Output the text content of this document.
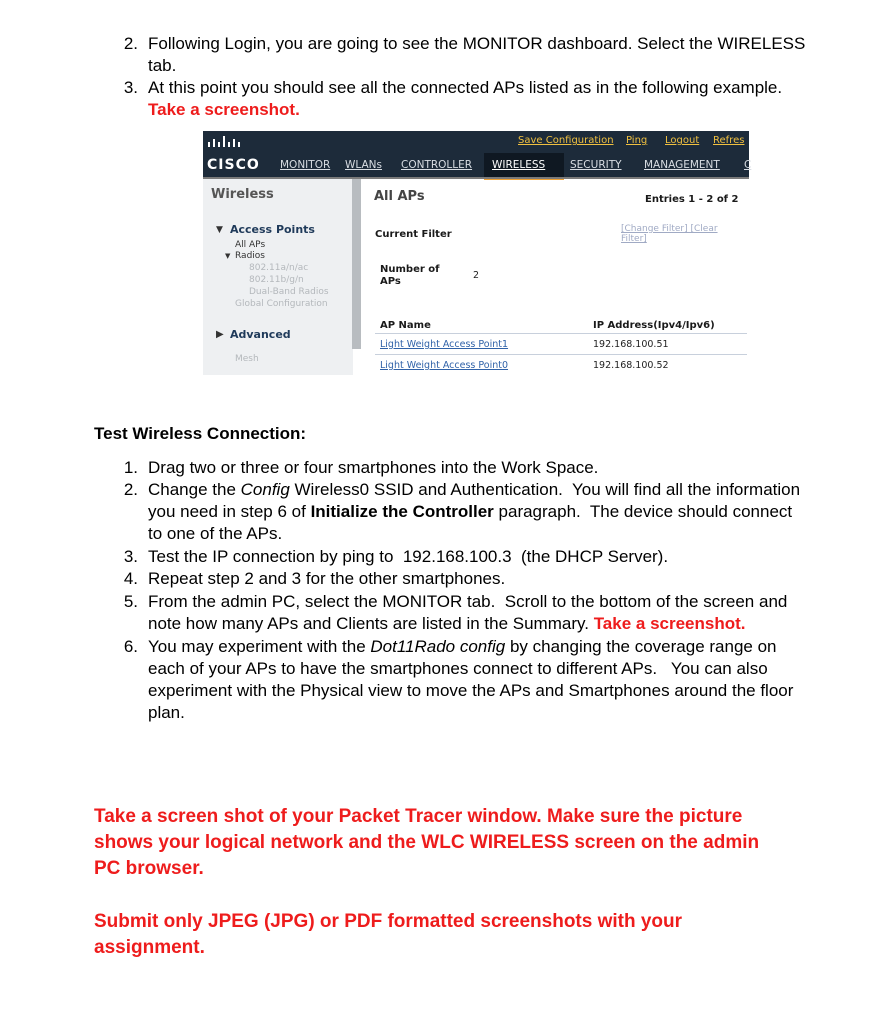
2. Following Login, you are going to see the MONITOR dashboard. Select the WIRELESS
tab.
3. At this point you should see all the connected APs listed as in the following example.
Take a screenshot.
CISCO
Save Configuration Ping Logout Refres
MONITOR WLANs CONTROLLER WIRELESS SECURITY MANAGEMENT C
Wireless
▼ Access Points
All APs
▼ Radios
802.11a/n/ac
802.11b/g/n
Dual-Band Radios
Global Configuration
▶ Advanced
Mesh
All APs	Entries 1 - 2 of 2
Current Filter	[Change Filter] [Clear
Filter]
Number of
APs
2
AP Name	IP Address(Ipv4/Ipv6)
Light Weight Access Point1	192.168.100.51
Light Weight Access Point0	192.168.100.52
Test Wireless Connection:
1. Drag two or three or four smartphones into the Work Space.
2. Change the Config Wireless0 SSID and Authentication.  You will find all the information
you need in step 6 of Initialize the Controller paragraph.  The device should connect
to one of the APs.
3. Test the IP connection by ping to  192.168.100.3  (the DHCP Server).
4. Repeat step 2 and 3 for the other smartphones.
5. From the admin PC, select the MONITOR tab.  Scroll to the bottom of the screen and
note how many APs and Clients are listed in the Summary. Take a screenshot.
6. You may experiment with the Dot11Rado config by changing the coverage range on
each of your APs to have the smartphones connect to different APs.   You can also
experiment with the Physical view to move the APs and Smartphones around the floor
plan.
Take a screen shot of your Packet Tracer window. Make sure the picture
shows your logical network and the WLC WIRELESS screen on the admin
PC browser.
Submit only JPEG (JPG) or PDF formatted screenshots with your
assignment.
